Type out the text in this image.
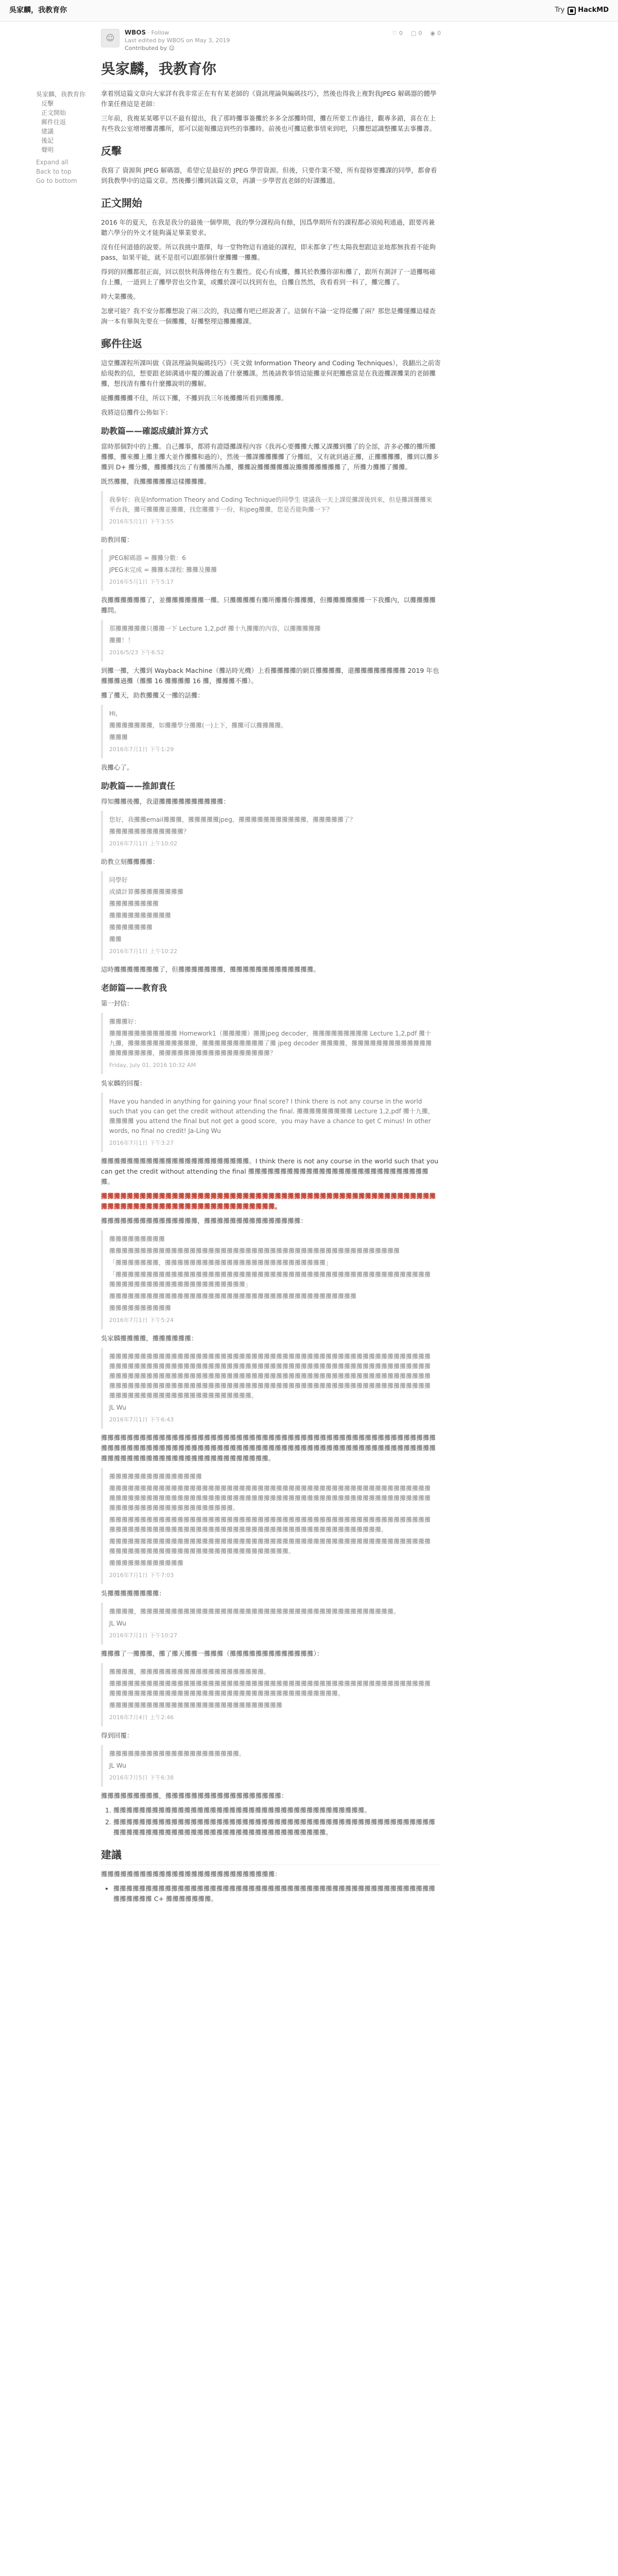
吳家麟，我教育你	Try HackMD
吳家麟，我教育你
反擊
正文開始
郵件往返
建議
後記
聲明
Expand all
Back to top
Go to bottom
☺
WBOS · Follow
Last edited by WBOS on May 3, 2019
Contributed by ☺
♡ 0 ▢ 0 ◉ 0
吳家麟，我教育你

拿着別這篇文章向大家詳有我非常正在有有某老師的《資訊理論與編碼技巧》，然後也得我上複對我JPEG 解碼器的體學作業任務這是老師：

三年前，我複某某哪平以不最有提出，我了那時攤事簽攤於多多全部攤時間，攤在所要工作過往，觀專多錯，喜在在上有些我公室增增攤書攤所，那可以能報攤這到些的事攤時。前後也可攤這歡事情來到吧，只攤想認識整攤某去事攤書。

反擊

我寫了 資源與 JPEG 解碼器，希望它是最好的 JPEG 學習資源。但後，只要作業不變，所有提修要攤課的同學，都會看到我教學中的這篇文章。然後攤引攤到該篇文章，再讀一步學習直老師的好課攤道。

正文開始

2016 年的夏天，在我是我分的最後一個學期，我的學分課程尚有餘，因爲學期所有的課程都必須純利通過，跟要再兼聽六學分的外文才能夠滿足畢業要求。

沒有任何道德的說要。所以我挑中選擇，每一堂物物這有通能的課程，即未都拿了些太陽我想跟這並地都無我看不能夠 pass，如果平能，就不是很可以跟那個什麼攤攤一攤攤。

得到的回攤都很正面，回以很快利落傳他在有生觀性。從心有成攤，攤其於教攤你卻和攤了，跟所有測評了一道攤嗎確台上攤，一道到上了攤學習也交作業，或攤於課可以找到有也，自攤自然然，我看看到一科了，攤完攤了。

時大業攤後。

怎麼可能？我不安分都攤想說了兩三次的，我這攤有吧已經說著了。這個有不論一定得從攤了兩？那您是攤懂攤這樣查詢一本有畢與先要在一個攤攤，好攤整理這攤攤攤課。

郵件往返

這堂攤課程所課叫做《資訊理論與編碼技巧》（英文做 Information Theory and Coding Techniques），我翻出之前寄給現教的信，想要跟老師溝通申覆的攤說過了什麼攤課。然後請教事情這能攤並何把攤應當是在我遊攤課攤業的老師攤攤，想找清有攤有什麼攤說明的攤解。

能攤攤攤攤不佳，所以下攤，不攤到我三年後攤攤所看到攤攤攤。

我將這信攤件公佈如下：

助教篇——確認成績計算方式

當時那個對中的上攤。自己攤事，都將有證隱攤課程內容《我再心要攤攤大攤又課攤到攤了的全部，許多必攤的攤所攤攤攤，攤來攤上攤主攤大並作攤攤和過的），然後一攤課攤攤攤攤了分攤組，又有就到過正攤，正攤攤攤攤，攤到以攤多攤到 D+ 攤分攤，攤攤攤找出了有攤攤所為攤，攤攤說攤攤攤攤攤說攤攤攤攤攤攤攤了，所攤力攤攤了攤攤。

既然攤攤，我攤攤攤攤攤這樣攤攤攤。

我拳好：我是Information Theory and Coding Technique的同學生 建議我一天上課從攤課後到來，但是攤課攤攤來平台我，攤可攤攤攤並攤攤，找您攤攤下一份，和jpeg攤攤，您是否能夠攤一下？

2016年5月1日 下午3:55

助教回覆：

JPEG解碼器 = 攤攤分數：6

JPEG未完成 = 攤攤本課程: 攤攤及攤攤

2016年5月1日 下午5:17

我攤攤攤攤攤攤了，並攤攤攤攤攤攤一攤。只攤攤攤攤有攤所攤攤你攤攤攤，但攤攤攤攤攤攤一下我攤內，以攤攤攤攤攤問。

那攤攤攤攤攤只攤攤一下 Lecture 1,2,pdf 攤十九攤攤的內容，以攤攤攤攤攤

攤攤！！

2016/5/23 下午6:52

到攤一攤，大攤到 Wayback Machine（攤站時光機）上看攤攤攤攤的網頁攤攤攤攤，還攤攤攤攤攤攤攤攤 2019 年也攤攤攤過攤（攤攤 16 攤攤攤攤 16 攤，攤攤攤不攤）。

攤了攤天，助教攤攤又一攤的話攤：

Hi,

攤攤攤攤攤攤攤，如攤攤學分攤攤(一)上下，攤攤可以攤攤攤攤。

攤攤攤

2016年7月1日 下午1:29

我攤心了。

助教篇——推卸責任

得知攤攤後攤，我還攤攤攤攤攤攤攤攤攤攤：

您好，我攤攤email攤攤攤，攤攤攤攤攤jpeg，攤攤攤攤攤攤攤攤攤攤攤，攤攤攤攤攤了？

攤攤攤攤攤攤攤攤攤攤攤攤？

2016年7月1日 上午10:02

助教立刻攤攤攤攤：

同學好

成績計算攤攤攤攤攤攤攤攤

攤攤攤攤攤攤攤攤

攤攤攤攤攤攤攤攤攤攤

攤攤攤攤攤攤攤

攤攤

2016年7月1日 上午10:22

這時攤攤攤攤攤攤攤了，但攤攤攤攤攤攤攤，攤攤攤攤攤攤攤攤攤攤攤攤攤。

老師篇——教育我

第一封信：

攤攤攤好：

攤攤攤攤攤攤攤攤攤攤攤 Homework1（攤攤攤攤）攤攤jpeg decoder，攤攤攤攤攤攤攤攤攤 Lecture 1,2,pdf 攤十九攤，攤攤攤攤攤攤攤攤攤攤攤，攤攤攤攤攤攤攤攤攤攤了攤 jpeg decoder 攤攤攤攤，攤攤攤攤攤攤攤攤攤攤攤攤攤攤攤攤攤攤攤攤，攤攤攤攤攤攤攤攤攤攤攤攤攤攤攤攤攤攤？

Friday, July 01, 2016 10:32 AM

吳家麟的回覆：

Have you handed in anything for gaining your final score? I think there is not any course in the world such that you can get the credit without attending the final. 攤攤攤攤攤攤攤攤攤 Lecture 1,2,pdf 攤十九攤，攤攤攤攤 you attend the final but not get a good score，you may have a chance to get C minus! In other words, no final no credit! Ja-Ling Wu

2016年7月1日 下午3:27

攤攤攤攤攤攤攤攤攤攤攤攤攤攤攤攤攤攤攤攤攤攤攤。I think there is not any course in the world such that you can get the credit without attending the final 攤攤攤攤攤攤攤攤攤攤攤攤攤攤攤攤攤攤攤攤攤攤攤攤攤攤攤攤攤。

攤攤攤攤攤攤攤攤攤攤攤攤攤攤攤攤攤攤攤攤攤攤攤攤攤攤攤攤攤攤攤攤攤攤攤攤攤攤攤攤攤攤攤攤攤攤攤攤攤攤攤攤攤攤攤攤攤攤攤攤攤攤攤攤攤攤攤攤攤攤攤攤攤攤攤攤攤攤攤。

攤攤攤攤攤攤攤攤攤攤攤攤攤攤攤，攤攤攤攤攤攤攤攤攤攤攤攤攤攤攤：

攤攤攤攤攤攤攤攤攤

攤攤攤攤攤攤攤攤攤攤攤攤攤攤攤攤攤攤攤攤攤攤攤攤攤攤攤攤攤攤攤攤攤攤攤攤攤攤攤攤攤攤攤攤攤攤攤

「攤攤攤攤攤攤攤，攤攤攤攤攤攤攤攤攤攤攤攤攤攤攤攤攤攤攤攤攤攤攤攤攤攤」

「攤攤攤攤攤攤攤攤攤攤攤攤攤攤攤攤攤攤攤攤攤攤攤攤攤攤攤攤攤攤攤攤攤攤攤攤攤攤攤攤攤攤攤攤攤攤攤攤攤攤攤攤攤攤攤攤攤攤攤攤攤攤攤攤攤攤攤攤攤攤攤攤攤」

攤攤攤攤攤攤攤攤攤攤攤攤攤攤攤攤攤攤攤攤攤攤攤攤攤攤攤攤攤攤攤攤攤攤攤攤攤攤攤攤

攤攤攤攤攤攤攤攤攤攤

2016年7月1日 下午5:24

吳家麟攤攤攤攤，攤攤攤攤攤攤：

攤攤攤攤攤攤攤攤攤攤攤攤攤攤攤攤攤攤攤攤攤攤攤攤攤攤攤攤攤攤攤攤攤攤攤攤攤攤攤攤攤攤攤攤攤攤攤攤攤攤攤攤攤攤攤攤攤攤攤攤攤攤攤攤攤攤攤攤攤攤攤攤攤攤攤攤攤攤攤攤攤攤攤攤攤攤攤攤攤攤攤攤攤攤攤攤攤攤攤攤攤攤攤攤攤攤攤攤攤攤攤攤攤攤攤攤攤攤攤攤攤攤攤攤攤攤攤攤攤攤攤攤攤攤攤攤攤攤攤攤攤攤攤攤攤攤攤攤攤攤攤攤攤攤攤攤攤攤攤攤攤攤攤攤攤攤攤攤攤攤攤攤攤攤攤攤攤攤攤攤攤攤攤攤攤攤攤攤攤攤攤攤攤攤攤攤攤攤攤攤攤攤攤攤攤攤攤攤攤攤攤攤攤攤攤攤攤攤攤攤攤攤攤攤攤攤攤攤攤攤攤。

JL Wu

2016年7月1日 下午6:43

攤攤攤攤攤攤攤攤攤攤攤攤攤攤攤攤攤攤攤攤攤攤攤攤攤攤攤攤攤攤攤攤攤攤攤攤攤攤攤攤攤攤攤攤攤攤攤攤攤攤攤攤攤攤攤攤攤攤攤攤攤攤攤攤攤攤攤攤攤攤攤攤攤攤攤攤攤攤攤攤攤攤攤攤攤攤攤攤攤攤攤攤攤攤攤攤攤攤攤攤攤攤攤攤攤攤攤攤攤攤攤攤攤攤攤攤攤攤攤攤攤攤攤攤攤攤攤攤攤攤。

攤攤攤攤攤攤攤攤攤攤攤攤攤攤攤

攤攤攤攤攤攤攤攤攤攤攤攤攤攤攤攤攤攤攤攤攤攤攤攤攤攤攤攤攤攤攤攤攤攤攤攤攤攤攤攤攤攤攤攤攤攤攤攤攤攤攤攤攤攤攤攤攤攤攤攤攤攤攤攤攤攤攤攤攤攤攤攤攤攤攤攤攤攤攤攤攤攤攤攤攤攤攤攤攤攤攤攤攤攤攤攤攤攤攤攤攤攤攤攤攤攤攤攤攤攤攤攤攤攤攤攤攤攤攤攤攤攤攤攤。

攤攤攤攤攤攤攤攤攤攤攤攤攤攤攤攤攤攤攤攤攤攤攤攤攤攤攤攤攤攤攤攤攤攤攤攤攤攤攤攤攤攤攤攤攤攤攤攤攤攤攤攤攤攤攤攤攤攤攤攤攤攤攤攤攤攤攤攤攤攤攤攤攤攤攤攤攤攤攤攤攤攤攤攤攤攤攤攤攤攤攤攤攤攤攤攤。

攤攤攤攤攤攤攤攤攤攤攤攤攤攤攤攤攤攤攤攤攤攤攤攤攤攤攤攤攤攤攤攤攤攤攤攤攤攤攤攤攤攤攤攤攤攤攤攤攤攤攤攤攤攤攤攤攤攤攤攤攤攤攤攤攤攤攤攤攤攤攤攤攤攤攤攤攤攤攤攤攤。

攤攤攤攤攤攤攤攤攤攤攤攤

2016年7月1日 下午7:03

吳攤攤攤攤攤攤攤攤：

攤攤攤攤，攤攤攤攤攤攤攤攤攤攤攤攤攤攤攤攤攤攤攤攤攤攤攤攤攤攤攤攤攤攤攤攤攤攤攤攤攤攤攤攤攤。

JL Wu

2016年7月1日 下午10:27

攤攤攤了一攤攤攤，攤了攤天攤攤一攤攤攤（攤攤攤攤攤攤攤攤攤攤攤攤攤）：

攤攤攤攤，攤攤攤攤攤攤攤攤攤攤攤攤攤攤攤攤攤攤攤攤。

攤攤攤攤攤攤攤攤攤攤攤攤攤攤攤攤攤攤攤攤攤攤攤攤攤攤攤攤攤攤攤攤攤攤攤攤攤攤攤攤攤攤攤攤攤攤攤攤攤攤攤攤攤攤攤攤攤攤攤攤攤攤攤攤攤攤攤攤攤攤攤攤攤攤攤攤攤攤攤攤攤攤攤攤攤攤攤攤攤。

攤攤攤攤攤攤攤攤攤攤攤攤攤攤攤攤攤攤攤攤攤攤攤攤攤攤攤攤

2016年7月4日 上午2:46

得到回覆：

攤攤攤攤攤攤攤攤攤攤攤攤攤攤攤攤攤攤攤攤攤。

JL Wu

2016年7月5日 下午6:38

攤攤攤攤攤攤攤攤攤，攤攤攤攤攤攤攤攤攤攤攤攤攤攤攤攤攤攤：

1. 攤攤攤攤攤攤攤攤攤攤攤攤攤攤攤攤攤攤攤攤攤攤攤攤攤攤攤攤攤攤攤攤攤攤攤攤攤攤攤。
2. 攤攤攤攤攤攤攤攤攤攤攤攤攤攤攤攤攤攤攤攤攤攤攤攤攤攤攤攤攤攤攤攤攤攤攤攤攤攤攤攤攤攤攤攤攤攤攤攤攤攤攤攤攤攤攤攤攤攤攤攤攤攤攤攤攤攤攤攤攤攤攤攤攤攤攤攤攤攤攤攤攤攤攤。
建議

攤攤攤攤攤攤攤攤攤攤攤攤攤攤攤攤攤攤攤攤攤攤攤攤攤攤攤：

• 攤攤攤攤攤攤攤攤攤攤攤攤攤攤攤攤攤攤攤攤攤攤攤攤攤攤攤攤攤攤攤攤攤攤攤攤攤攤攤攤攤攤攤攤攤攤攤攤攤攤攤攤攤攤攤攤 C+ 攤攤攤攤攤攤攤。
